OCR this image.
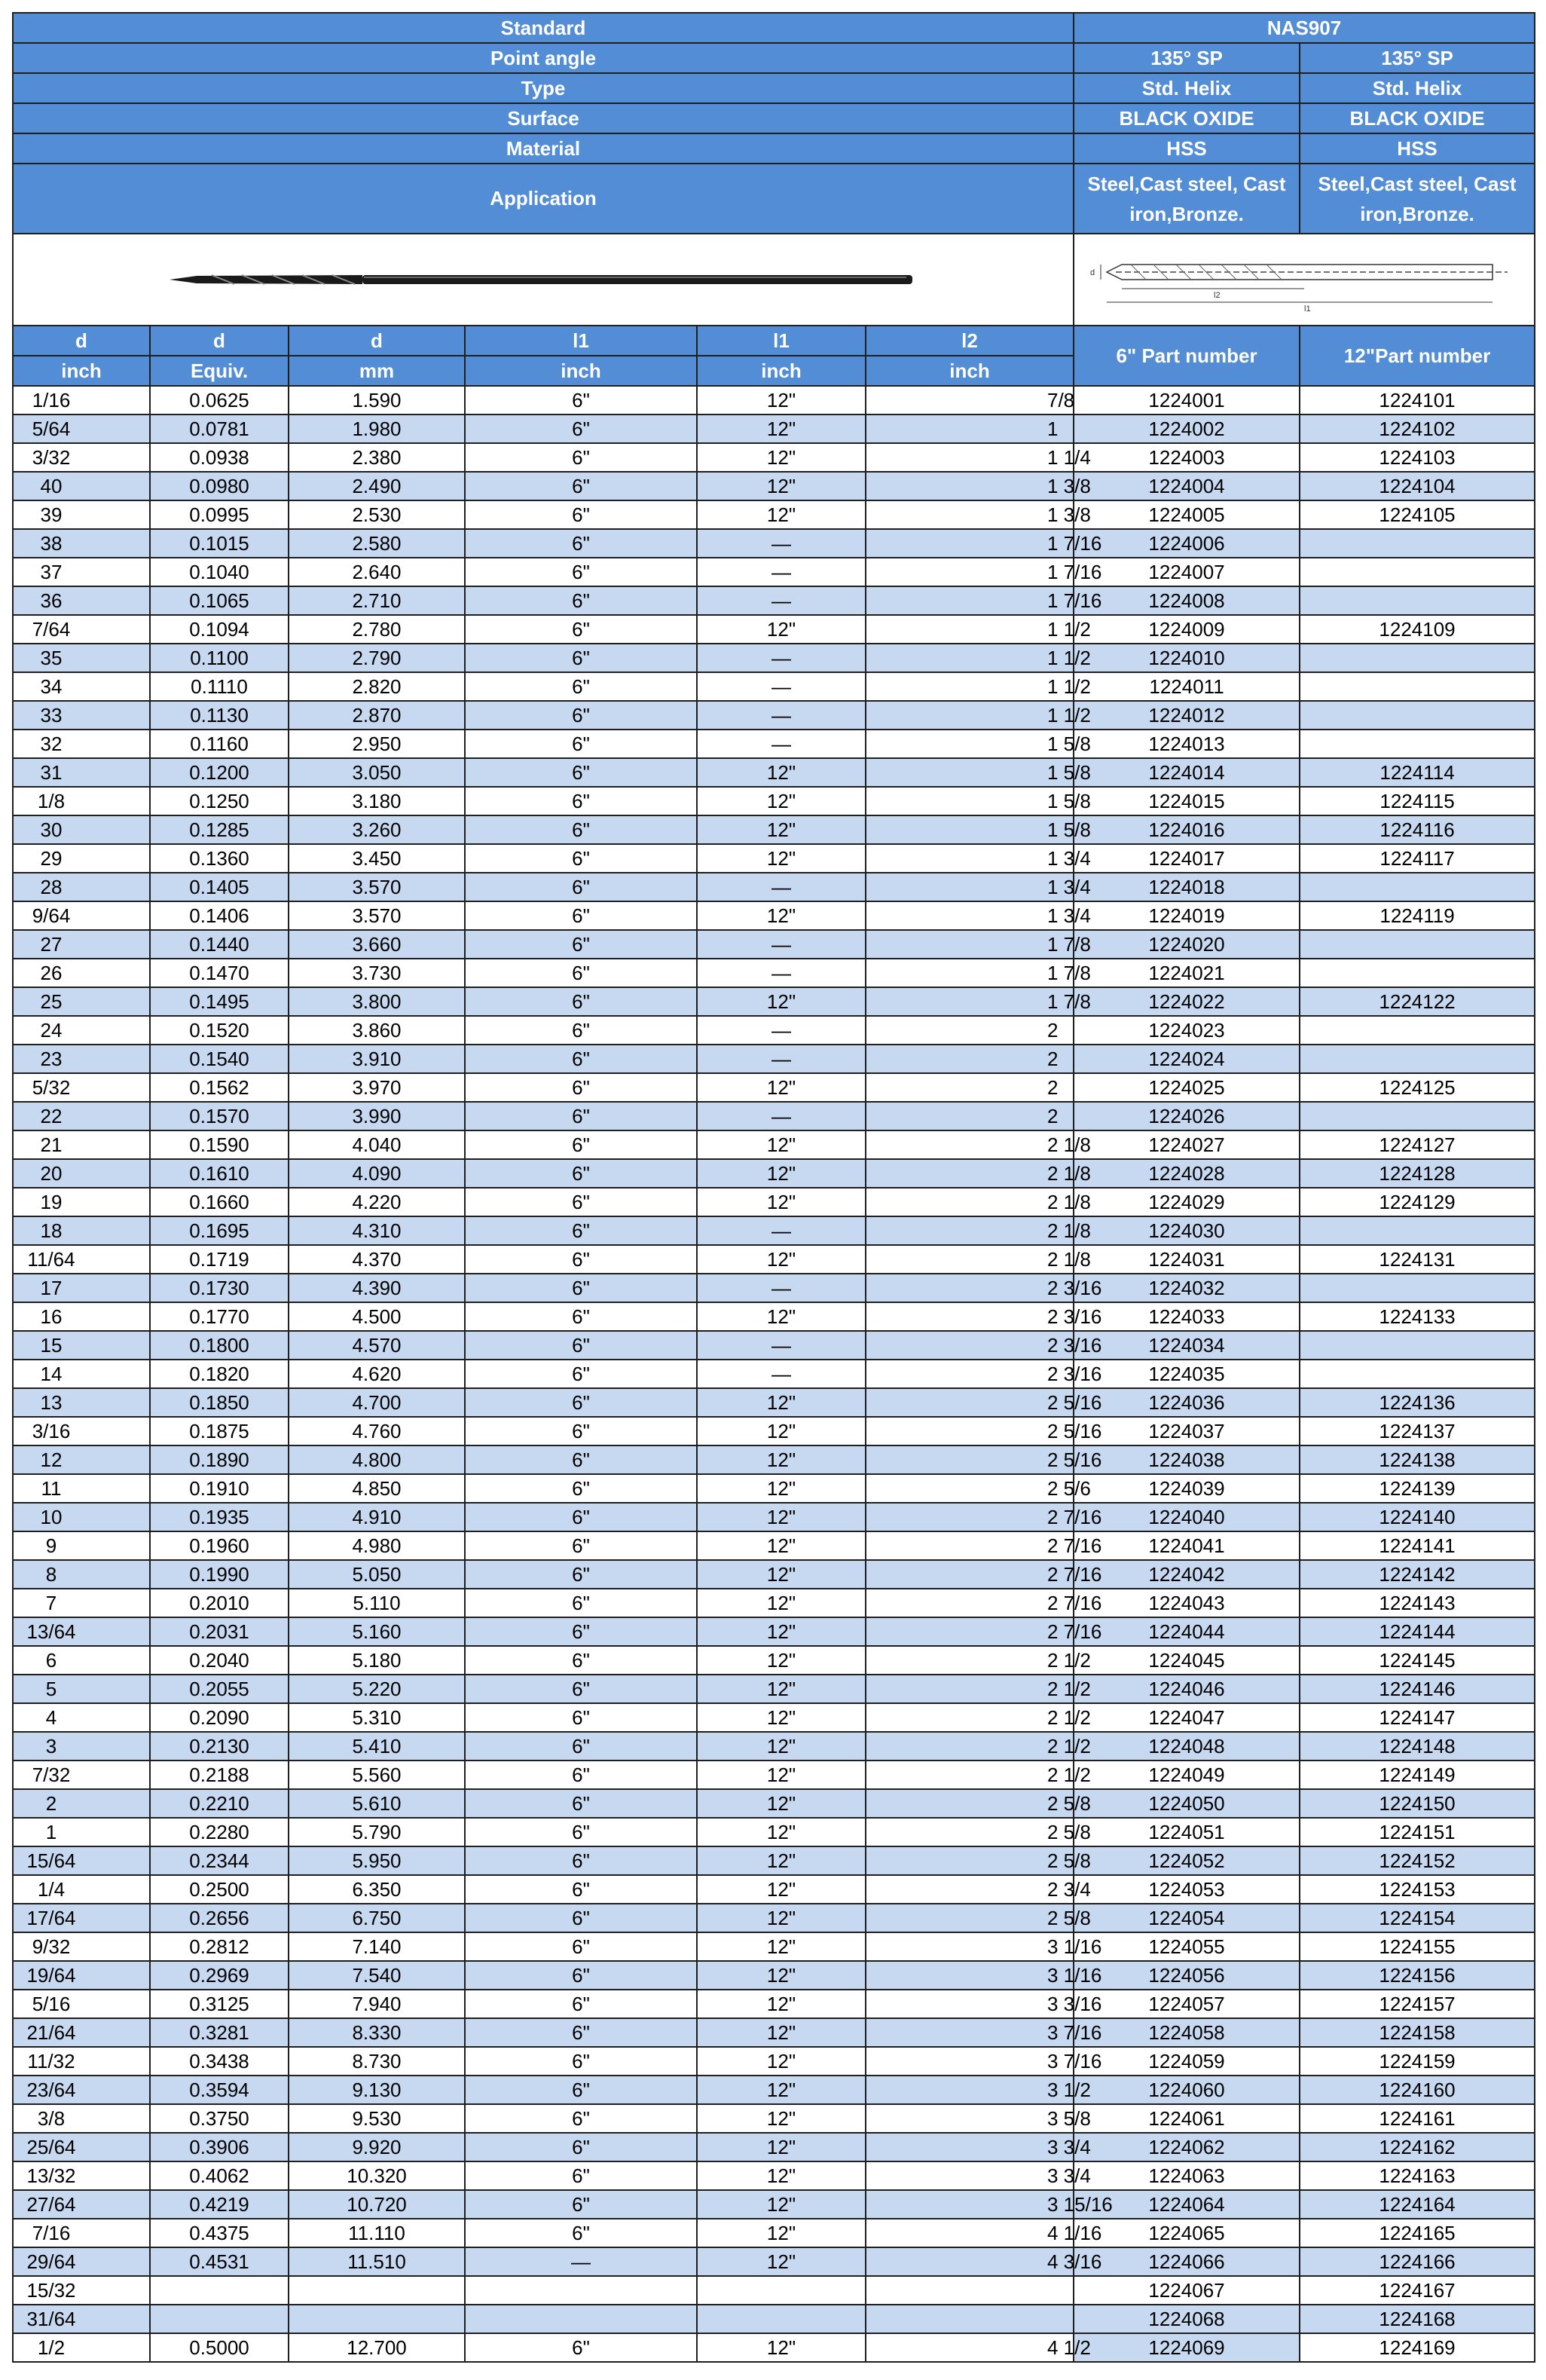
Standard						NAS907	
Point angle						135° SP	135° SP
Type						Std. Helix	Std. Helix
Surface						BLACK OXIDE	BLACK OXIDE
Material						HSS	HSS
Application						Steel,Cast steel, Cast iron,Bronze.	Steel,Cast steel, Cast iron,Bronze.

d
l2
l1	

d	d	d	l1	l1	l2	6" Part number	12"Part number
inch	Equiv.	mm	inch	inch	inch		
1/16	0.0625	1.590	6"	12"	7/8	1224001	1224101
5/64	0.0781	1.980	6"	12"	1	1224002	1224102
3/32	0.0938	2.380	6"	12"	1 1/4	1224003	1224103
40	0.0980	2.490	6"	12"	1 3/8	1224004	1224104
39	0.0995	2.530	6"	12"	1 3/8	1224005	1224105
38	0.1015	2.580	6"	—	1 7/16	1224006	
37	0.1040	2.640	6"	—	1 7/16	1224007	
36	0.1065	2.710	6"	—	1 7/16	1224008	
7/64	0.1094	2.780	6"	12"	1 1/2	1224009	1224109
35	0.1100	2.790	6"	—	1 1/2	1224010	
34	0.1110	2.820	6"	—	1 1/2	1224011	
33	0.1130	2.870	6"	—	1 1/2	1224012	
32	0.1160	2.950	6"	—	1 5/8	1224013	
31	0.1200	3.050	6"	12"	1 5/8	1224014	1224114
1/8	0.1250	3.180	6"	12"	1 5/8	1224015	1224115
30	0.1285	3.260	6"	12"	1 5/8	1224016	1224116
29	0.1360	3.450	6"	12"	1 3/4	1224017	1224117
28	0.1405	3.570	6"	—	1 3/4	1224018	
9/64	0.1406	3.570	6"	12"	1 3/4	1224019	1224119
27	0.1440	3.660	6"	—	1 7/8	1224020	
26	0.1470	3.730	6"	—	1 7/8	1224021	
25	0.1495	3.800	6"	12"	1 7/8	1224022	1224122
24	0.1520	3.860	6"	—	2	1224023	
23	0.1540	3.910	6"	—	2	1224024	
5/32	0.1562	3.970	6"	12"	2	1224025	1224125
22	0.1570	3.990	6"	—	2	1224026	
21	0.1590	4.040	6"	12"	2 1/8	1224027	1224127
20	0.1610	4.090	6"	12"	2 1/8	1224028	1224128
19	0.1660	4.220	6"	12"	2 1/8	1224029	1224129
18	0.1695	4.310	6"	—	2 1/8	1224030	
11/64	0.1719	4.370	6"	12"	2 1/8	1224031	1224131
17	0.1730	4.390	6"	—	2 3/16	1224032	
16	0.1770	4.500	6"	12"	2 3/16	1224033	1224133
15	0.1800	4.570	6"	—	2 3/16	1224034	
14	0.1820	4.620	6"	—	2 3/16	1224035	
13	0.1850	4.700	6"	12"	2 5/16	1224036	1224136
3/16	0.1875	4.760	6"	12"	2 5/16	1224037	1224137
12	0.1890	4.800	6"	12"	2 5/16	1224038	1224138
11	0.1910	4.850	6"	12"	2 5/6	1224039	1224139
10	0.1935	4.910	6"	12"	2 7/16	1224040	1224140
9	0.1960	4.980	6"	12"	2 7/16	1224041	1224141
8	0.1990	5.050	6"	12"	2 7/16	1224042	1224142
7	0.2010	5.110	6"	12"	2 7/16	1224043	1224143
13/64	0.2031	5.160	6"	12"	2 7/16	1224044	1224144
6	0.2040	5.180	6"	12"	2 1/2	1224045	1224145
5	0.2055	5.220	6"	12"	2 1/2	1224046	1224146
4	0.2090	5.310	6"	12"	2 1/2	1224047	1224147
3	0.2130	5.410	6"	12"	2 1/2	1224048	1224148
7/32	0.2188	5.560	6"	12"	2 1/2	1224049	1224149
2	0.2210	5.610	6"	12"	2 5/8	1224050	1224150
1	0.2280	5.790	6"	12"	2 5/8	1224051	1224151
15/64	0.2344	5.950	6"	12"	2 5/8	1224052	1224152
1/4	0.2500	6.350	6"	12"	2 3/4	1224053	1224153
17/64	0.2656	6.750	6"	12"	2 5/8	1224054	1224154
9/32	0.2812	7.140	6"	12"	3 1/16	1224055	1224155
19/64	0.2969	7.540	6"	12"	3 1/16	1224056	1224156
5/16	0.3125	7.940	6"	12"	3 3/16	1224057	1224157
21/64	0.3281	8.330	6"	12"	3 7/16	1224058	1224158
11/32	0.3438	8.730	6"	12"	3 7/16	1224059	1224159
23/64	0.3594	9.130	6"	12"	3 1/2	1224060	1224160
3/8	0.3750	9.530	6"	12"	3 5/8	1224061	1224161
25/64	0.3906	9.920	6"	12"	3 3/4	1224062	1224162
13/32	0.4062	10.320	6"	12"	3 3/4	1224063	1224163
27/64	0.4219	10.720	6"	12"	3 15/16	1224064	1224164
7/16	0.4375	11.110	6"	12"	4 1/16	1224065	1224165
29/64	0.4531	11.510	—	12"	4 3/16	1224066	1224166
15/32						1224067	1224167
31/64						1224068	1224168
1/2	0.5000	12.700	6"	12"	4 1/2	1224069	1224169
